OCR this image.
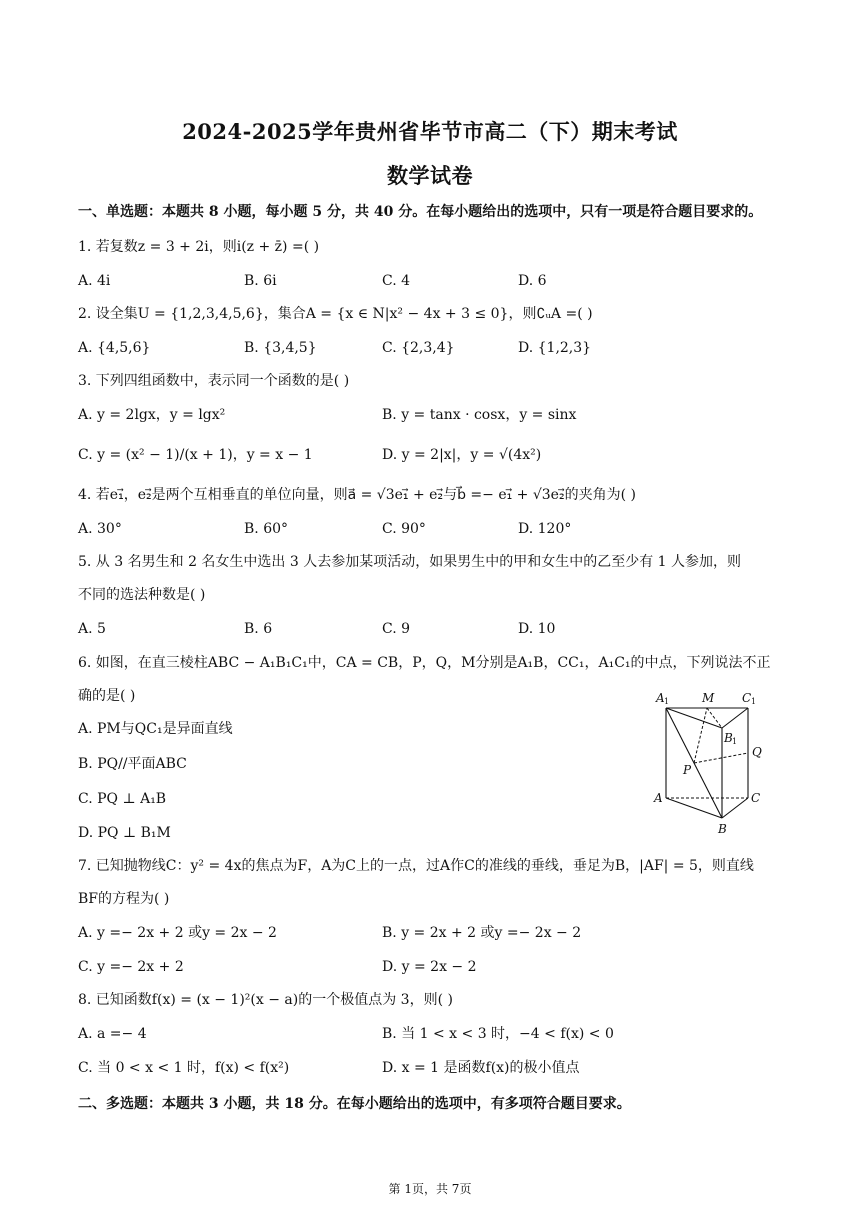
2024-2025学年贵州省毕节市高二（下）期末考试
数学试卷
一、单选题：本题共 8 小题，每小题 5 分，共 40 分。在每小题给出的选项中，只有一项是符合题目要求的。
1. 若复数z = 3 + 2i，则i(z + z̄) =( )
A. 4i	B. 6i	C. 4	D. 6
2. 设全集U = {1,2,3,4,5,6}，集合A = {x ∈ N|x² − 4x + 3 ≤ 0}，则∁ᵤA =( )
A. {4,5,6}	B. {3,4,5}	C. {2,3,4}	D. {1,2,3}
3. 下列四组函数中，表示同一个函数的是( )
A. y = 2lgx，y = lgx²	B. y = tanx · cosx，y = sinx
C. y = (x² − 1)/(x + 1)，y = x − 1	D. y = 2|x|，y = √(4x²)
4. 若e₁⃗，e₂⃗是两个互相垂直的单位向量，则a⃗ = √3e₁⃗ + e₂⃗与b⃗ =− e₁⃗ + √3e₂⃗的夹角为( )
A. 30°	B. 60°	C. 90°	D. 120°
5. 从 3 名男生和 2 名女生中选出 3 人去参加某项活动，如果男生中的甲和女生中的乙至少有 1 人参加，则
不同的选法种数是( )
A. 5	B. 6	C. 9	D. 10
6. 如图，在直三棱柱ABC − A₁B₁C₁中，CA = CB，P，Q，M分别是A₁B，CC₁，A₁C₁的中点，下列说法不正
确的是( )
A. PM与QC₁是异面直线
B. PQ//平面ABC
C. PQ ⊥ A₁B
D. PQ ⊥ B₁M
A 1	M C 1
B 1
Q
P
A	C
B
7. 已知抛物线C：y² = 4x的焦点为F，A为C上的一点，过A作C的准线的垂线，垂足为B，|AF| = 5，则直线
BF的方程为( )
A. y =− 2x + 2 或y = 2x − 2	B. y = 2x + 2 或y =− 2x − 2
C. y =− 2x + 2	D. y = 2x − 2
8. 已知函数f(x) = (x − 1)²(x − a)的一个极值点为 3，则( )
A. a =− 4	B. 当 1 < x < 3 时，−4 < f(x) < 0
C. 当 0 < x < 1 时，f(x) < f(x²)	D. x = 1 是函数f(x)的极小值点
二、多选题：本题共 3 小题，共 18 分。在每小题给出的选项中，有多项符合题目要求。
第 1页，共 7页
